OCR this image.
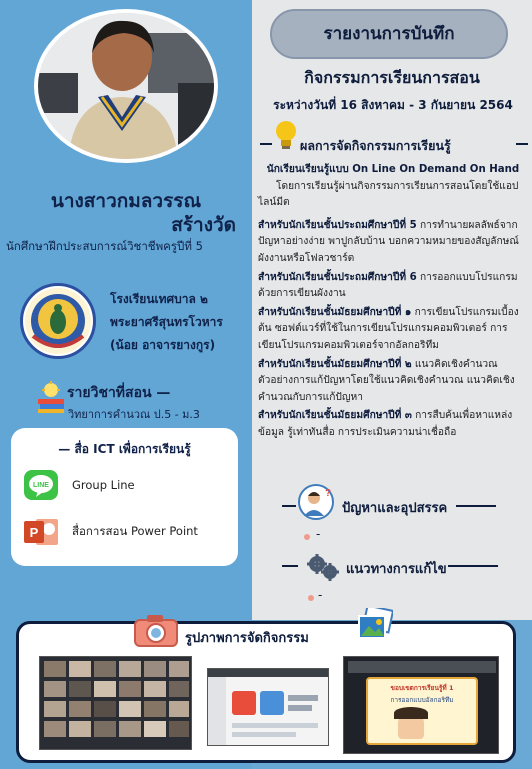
นางสาวกมลวรรณ
สร้างวัด
นักศึกษาฝึกประสบการณ์วิชาชีพครูปีที่ 5
โรงเรียนเทศบาล ๒
พระยาศรีสุนทรโวหาร
(น้อย อาจารยางกูร)
รายวิชาที่สอน —
วิทยาการคำนวณ ป.5 - ม.3
— สื่อ ICT เพื่อการเรียนรู้
LINE Group Line
P	สื่อการสอน Power Point
รายงานการบันทึก
กิจกรรมการเรียนการสอน
ระหว่างวันที่ 16 สิงหาคม - 3 กันยายน 2564
ผลการจัดกิจกรรมการเรียนรู้

นักเรียนเรียนรู้แบบ On Line On Demand On Hand

โดยการเรียนรู้ผ่านกิจกรรมการเรียนการสอนโดยใช้แอปไลน์มีต

สำหรับนักเรียนชั้นประถมศึกษาปีที่ 5 การทำนายผลลัพธ์จากปัญหาอย่างง่าย พาปูกลับบ้าน บอกความหมายของสัญลักษณ์ผังงานหรือโฟลวชาร์ต

สำหรับนักเรียนชั้นประถมศึกษาปีที่ 6 การออกแบบโปรแกรมด้วยการเขียนผังงาน

สำหรับนักเรียนชั้นมัธยมศึกษาปีที่ ๑ การเขียนโปรแกรมเบื้องต้น ซอฟต์แวร์ที่ใช้ในการเขียนโปรแกรมคอมพิวเตอร์ การเขียนโปรแกรมคอมพิวเตอร์จากอัลกอริทึม

สำหรับนักเรียนชั้นมัธยมศึกษาปีที่ ๒ แนวคิดเชิงคำนวณ ตัวอย่างการแก้ปัญหาโดยใช้แนวคิดเชิงคำนวณ แนวคิดเชิงคำนวณกับการแก้ปัญหา

สำหรับนักเรียนชั้นมัธยมศึกษาปีที่ ๓ การสืบค้นเพื่อหาแหล่งข้อมูล รู้เท่าทันสื่อ การประเมินความน่าเชื่อถือ

?
ปัญหาและอุปสรรค
-
แนวทางการแก้ไข
-
รูปภาพการจัดกิจกรรม
ขอบเขตการเรียนรู้ที่ 1
การออกแบบอัลกอริทึม
